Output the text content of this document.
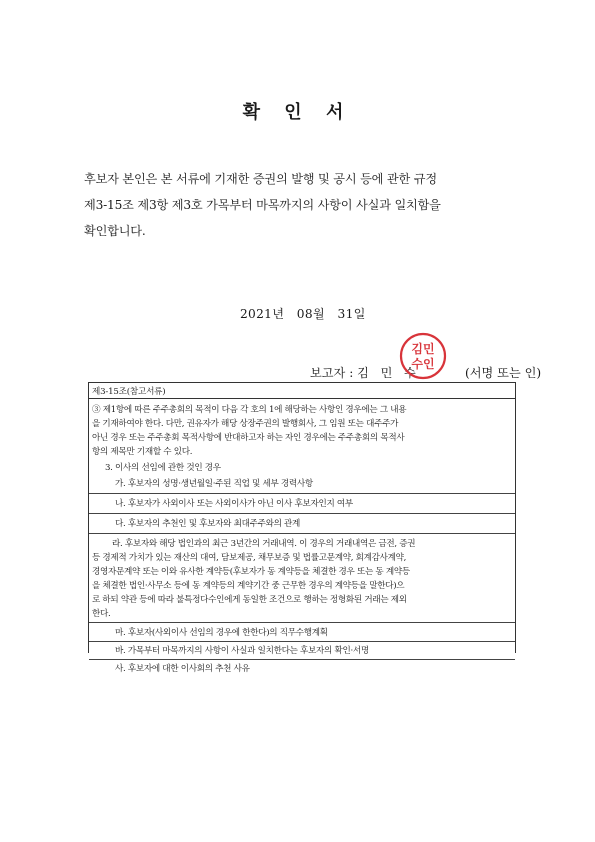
확 인 서

후보자 본인은 본 서류에 기재한 증권의 발행 및 공시 등에 관한 규정

제3-15조 제3항 제3호 가목부터 마목까지의 사항이 사실과 일치함을

확인합니다.

2021년   08월   31일
보고자 : 김   민   수
김민
수인
(서명 또는 인)
제3-15조(참고서류)
③ 제1항에 따른 주주총회의 목적이 다음 각 호의 1에 해당하는 사항인 경우에는 그 내용
을 기재하여야 한다. 다만, 권유자가 해당 상장주권의 발행회사, 그 임원 또는 대주주가
아닌 경우 또는 주주총회 목적사항에 반대하고자 하는 자인 경우에는 주주총회의 목적사
항의 제목만 기재할 수 있다.
3. 이사의 선임에 관한 것인 경우
가. 후보자의 성명·생년월일·주된 직업 및 세부 경력사항
나. 후보자가 사외이사 또는 사외이사가 아닌 이사 후보자인지 여부
다. 후보자의 추천인 및 후보자와 최대주주와의 관계
라. 후보자와 해당 법인과의 최근 3년간의 거래내역. 이 경우의 거래내역은 금전, 증권
등 경제적 가치가 있는 재산의 대여, 담보제공, 채무보증 및 법률고문계약, 회계감사계약,
경영자문계약 또는 이와 유사한 계약등(후보자가 동 계약등을 체결한 경우 또는 동 계약등
을 체결한 법인·사무소 등에 동 계약등의 계약기간 중 근무한 경우의 계약등을 말한다)으
로 하되 약관 등에 따라 불특정다수인에게 동일한 조건으로 행하는 정형화된 거래는 제외
한다.
마. 후보자(사외이사 선임의 경우에 한한다)의 직무수행계획
바. 가목부터 마목까지의 사항이 사실과 일치한다는 후보자의 확인·서명
사. 후보자에 대한 이사회의 추천 사유
